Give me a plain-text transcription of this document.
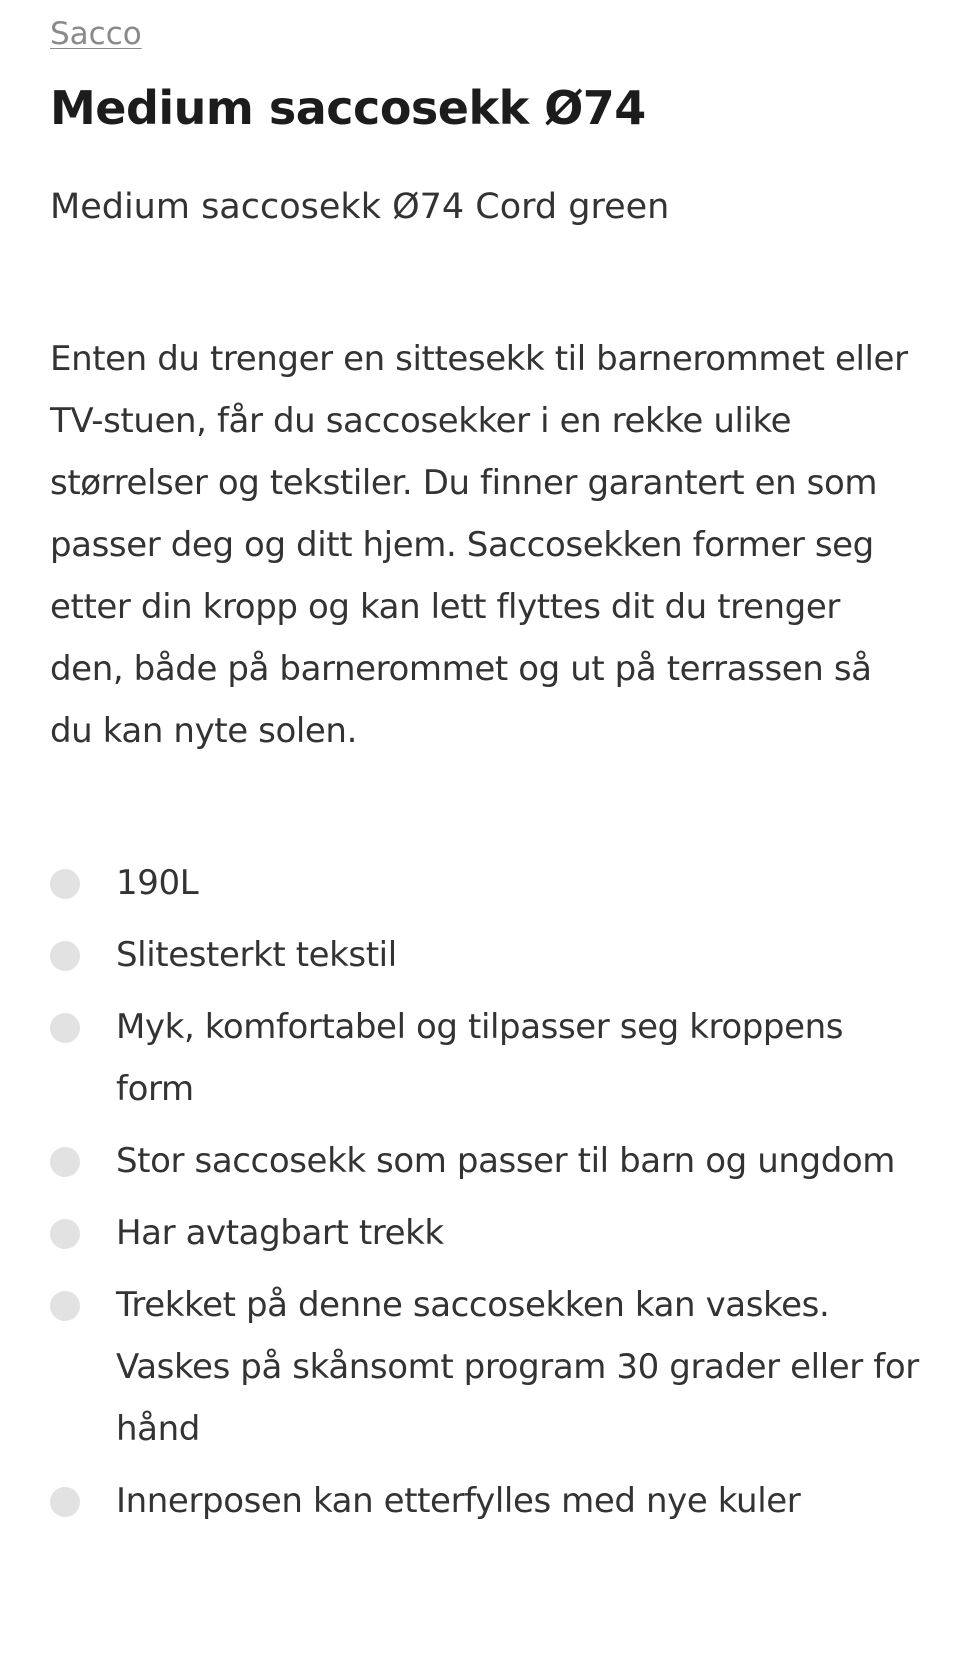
Sacco
Medium saccosekk Ø74
Medium saccosekk Ø74 Cord green

Enten du trenger en sittesekk til barnerommet eller TV-stuen, får du saccosekker i en rekke ulike størrelser og tekstiler. Du finner garantert en som passer deg og ditt hjem. Saccosekken former seg etter din kropp og kan lett flyttes dit du trenger den, både på barnerommet og ut på terrassen så du kan nyte solen.

190L
Slitesterkt tekstil
Myk, komfortabel og tilpasser seg kroppens form
Stor saccosekk som passer til barn og ungdom
Har avtagbart trekk
Trekket på denne saccosekken kan vaskes. Vaskes på skånsomt program 30 grader eller for hånd
Innerposen kan etterfylles med nye kuler
